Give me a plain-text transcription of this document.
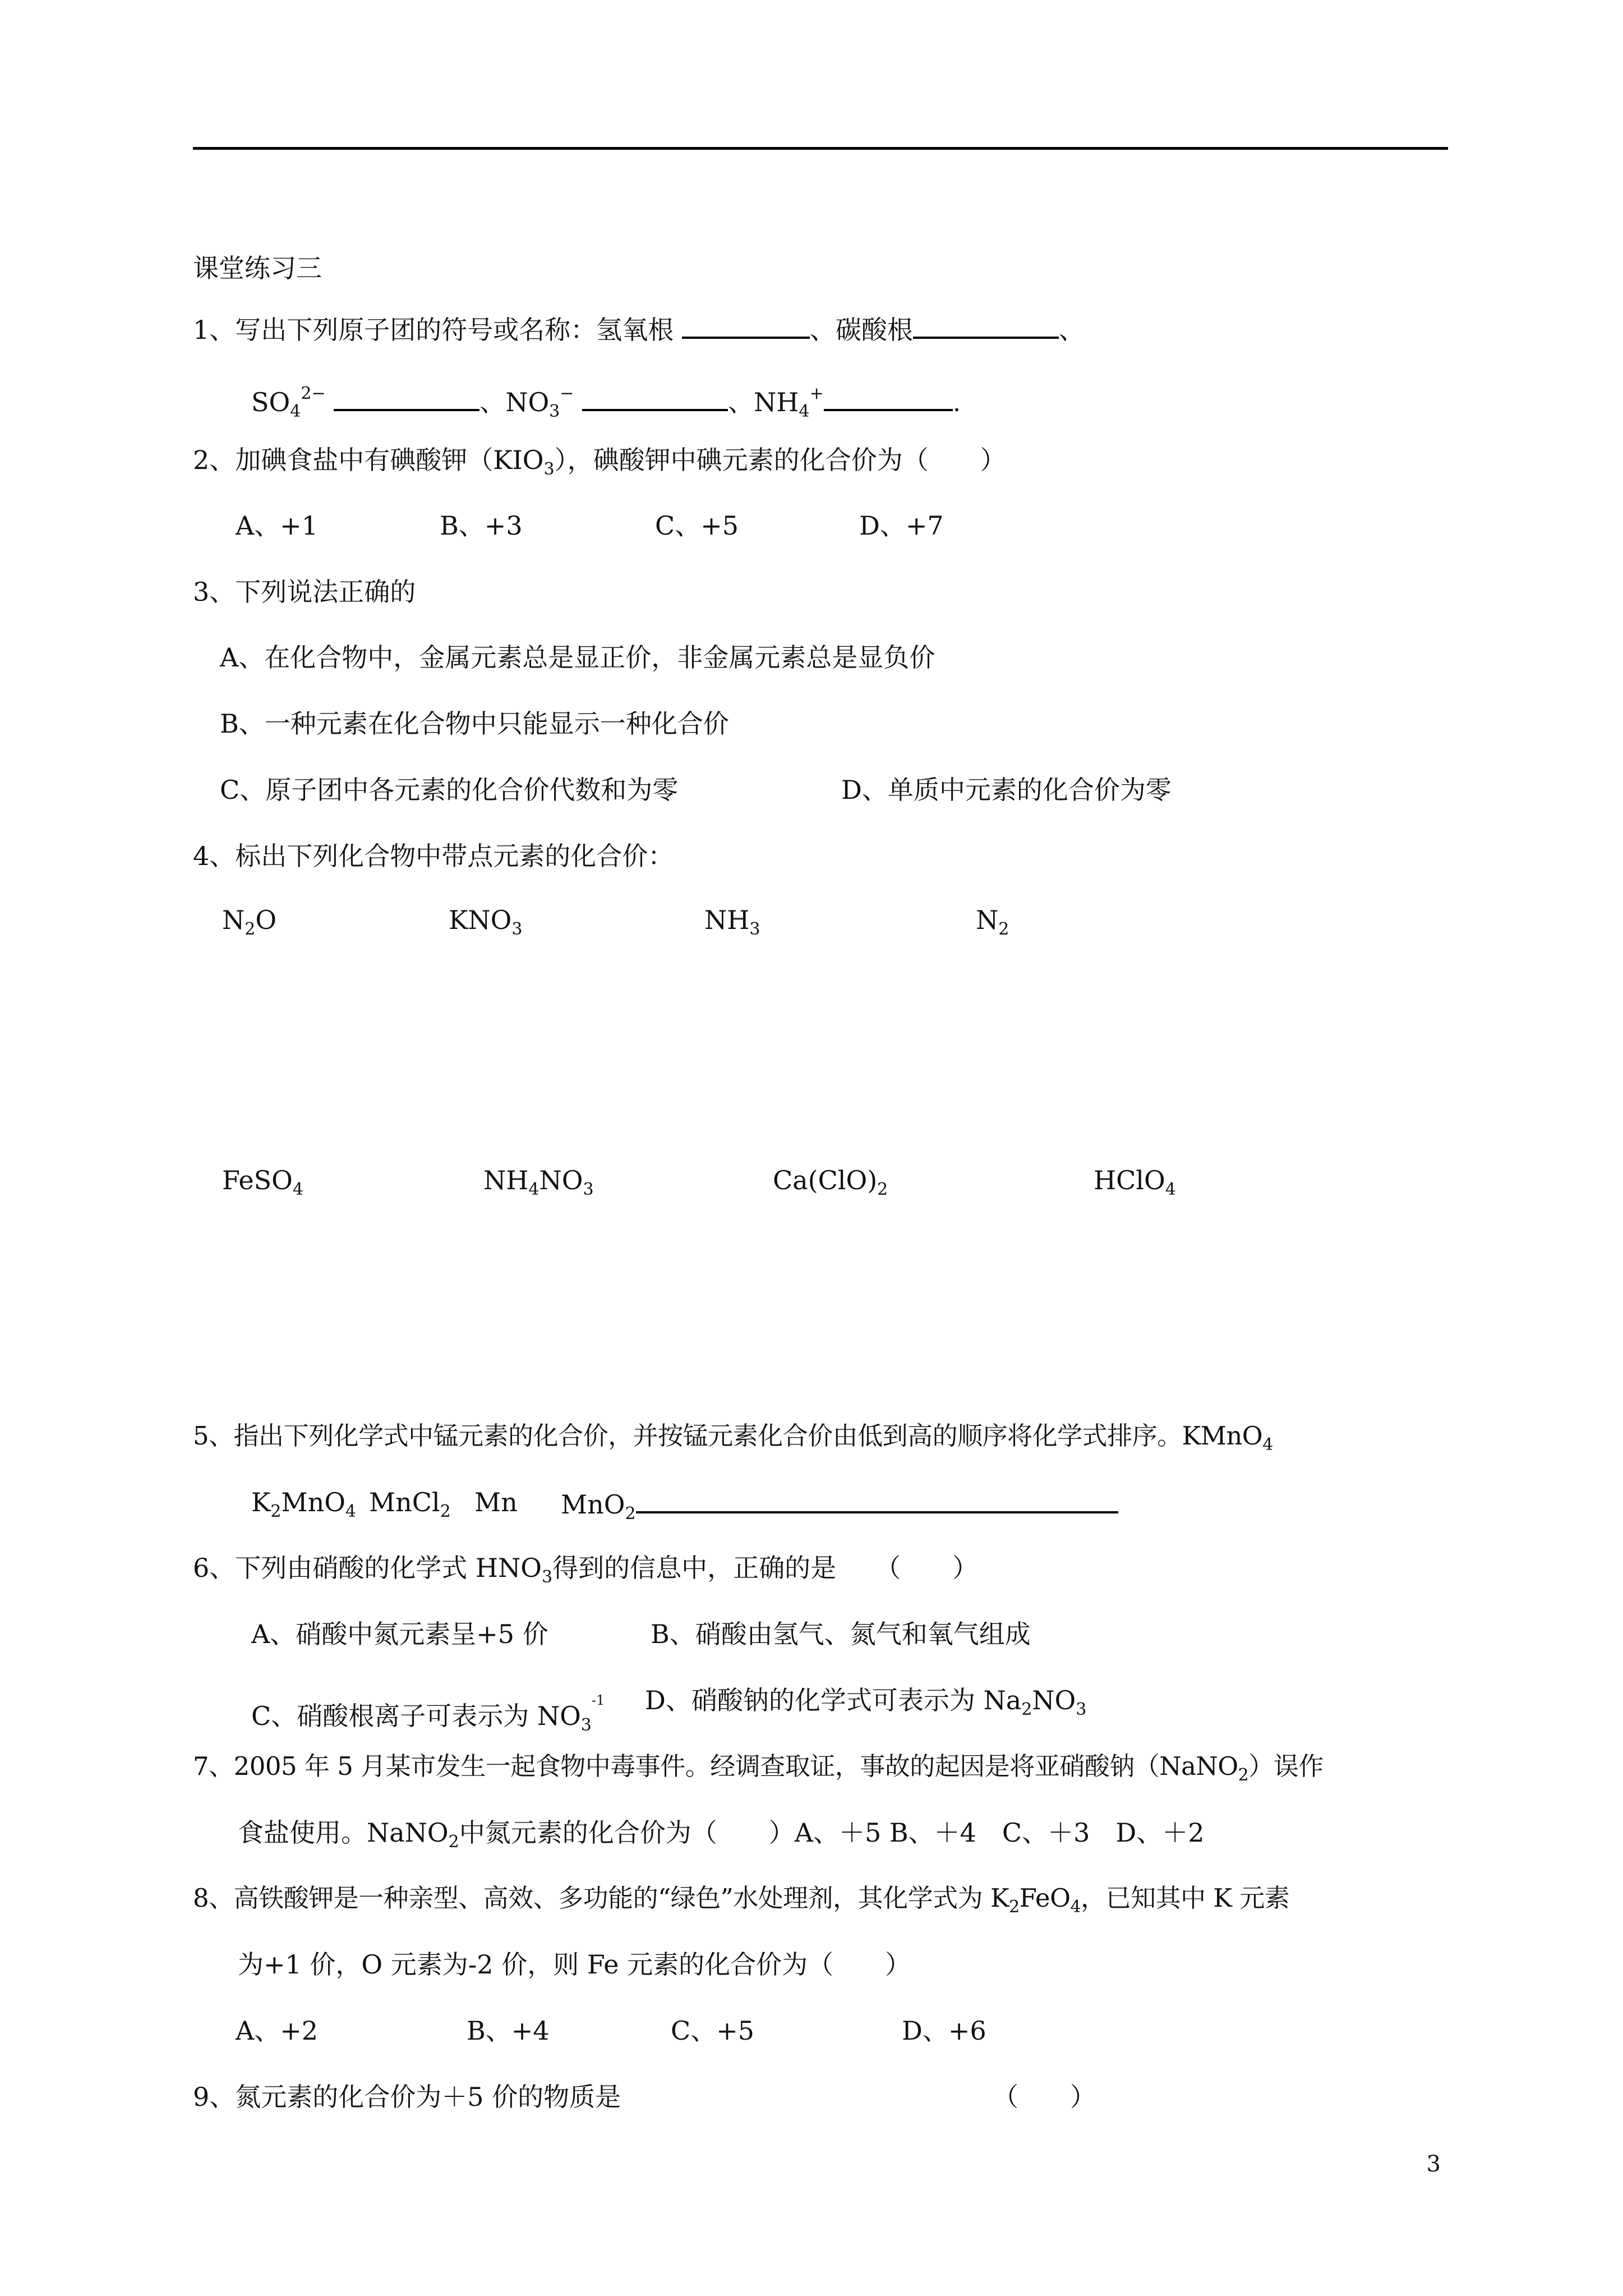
课堂练习三
1、写出下列原子团的符号或名称：氢氧根	、碳酸根	、
$SO_4^{2-}$	、$NO_3^-$	、$NH_4^+$	.
2、加碘食盐中有碘酸钾$(KIO_3)$，碘酸钾中碘元素的化合价为（　　）
A、+1	B、+3	C、+5	D、+7
3、下列说法正确的
A、在化合物中，金属元素总是显正价，非金属元素总是显负价
B、一种元素在化合物中只能显示一种化合价
C、原子团中各元素的化合价代数和为零	D、单质中元素的化合价为零
4、标出下列化合物中带点元素的化合价：
$N_2O$	$KNO_3$	$NH_3$	$N_2$
FeSO$_4$	$NH_4NO_3$	$Ca(ClO)_2$	HClO$_4$
5、指出下列化学式中锰元素的化合价，并按锰元素化合价由低到高的顺序将化学式排序。KMnO$_4$
$K_2MnO_4$ MnCl$_2$ Mn MnO$_2$
6、下列由硝酸的化学式 $HNO_3$得到的信息中，正确的是　　（　　）
A、硝酸中氮元素呈+5 价	B、硝酸由氢气、氮气和氧气组成
C、硝酸根离子可表示为 $NO_3^{-1}$ D、硝酸钠的化学式可表示为 $Na_2NO_3$
7、2005 年 5 月某市发生一起食物中毒事件。经调查取证，事故的起因是将亚硝酸钠（NaNO$_2$）误作
食盐使用。NaNO$_2$中氮元素的化合价为（　　）A、＋5 B、＋4　C、＋3　D、＋2
8、高铁酸钾是一种亲型、高效、多功能的“绿色”水处理剂，其化学式为 $K_2FeO_4$，已知其中 K 元素
为+1 价，O 元素为-2 价，则 Fe 元素的化合价为（　　）
A、+2	B、+4	C、+5	D、+6
9、氮元素的化合价为＋5 价的物质是	（　　）
3
